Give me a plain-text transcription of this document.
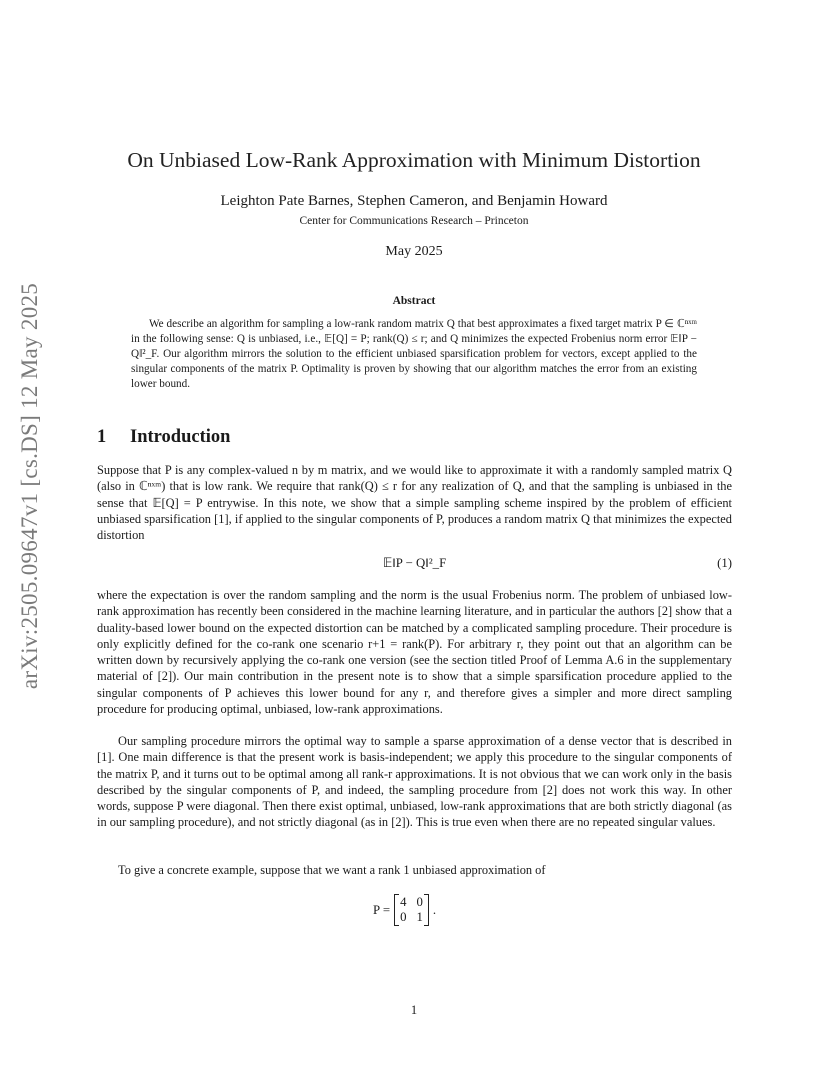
arXiv:2505.09647v1 [cs.DS] 12 May 2025
On Unbiased Low-Rank Approximation with Minimum Distortion
Leighton Pate Barnes, Stephen Cameron, and Benjamin Howard
Center for Communications Research – Princeton
May 2025
Abstract
We describe an algorithm for sampling a low-rank random matrix Q that best approximates a fixed target matrix P ∈ ℂⁿˣᵐ in the following sense: Q is unbiased, i.e., 𝔼[Q] = P; rank(Q) ≤ r; and Q minimizes the expected Frobenius norm error 𝔼‖P − Q‖²_F. Our algorithm mirrors the solution to the efficient unbiased sparsification problem for vectors, except applied to the singular components of the matrix P. Optimality is proven by showing that our algorithm matches the error from an existing lower bound.
1 Introduction
Suppose that P is any complex-valued n by m matrix, and we would like to approximate it with a randomly sampled matrix Q (also in ℂⁿˣᵐ) that is low rank. We require that rank(Q) ≤ r for any realization of Q, and that the sampling is unbiased in the sense that 𝔼[Q] = P entrywise. In this note, we show that a simple sampling scheme inspired by the problem of efficient unbiased sparsification [1], if applied to the singular components of P, produces a random matrix Q that minimizes the expected distortion
𝔼‖P − Q‖²_F	(1)
where the expectation is over the random sampling and the norm is the usual Frobenius norm. The problem of unbiased low-rank approximation has recently been considered in the machine learning literature, and in particular the authors [2] show that a duality-based lower bound on the expected distortion can be matched by a complicated sampling procedure. Their procedure is only explicitly defined for the co-rank one scenario r+1 = rank(P). For arbitrary r, they point out that an algorithm can be written down by recursively applying the co-rank one version (see the section titled Proof of Lemma A.6 in the supplementary material of [2]). Our main contribution in the present note is to show that a simple sparsification procedure applied to the singular components of P achieves this lower bound for any r, and therefore gives a simpler and more direct sampling procedure for producing optimal, unbiased, low-rank approximations.
Our sampling procedure mirrors the optimal way to sample a sparse approximation of a dense vector that is described in [1]. One main difference is that the present work is basis-independent; we apply this procedure to the singular components of the matrix P, and it turns out to be optimal among all rank-r approximations. It is not obvious that we can work only in the basis described by the singular components of P, and indeed, the sampling procedure from [2] does not work this way. In other words, suppose P were diagonal. Then there exist optimal, unbiased, low-rank approximations that are both strictly diagonal (as in our sampling procedure), and not strictly diagonal (as in [2]). This is true even when there are no repeated singular values.
To give a concrete example, suppose that we want a rank 1 unbiased approximation of
P =
4 0
0 1
.
1
